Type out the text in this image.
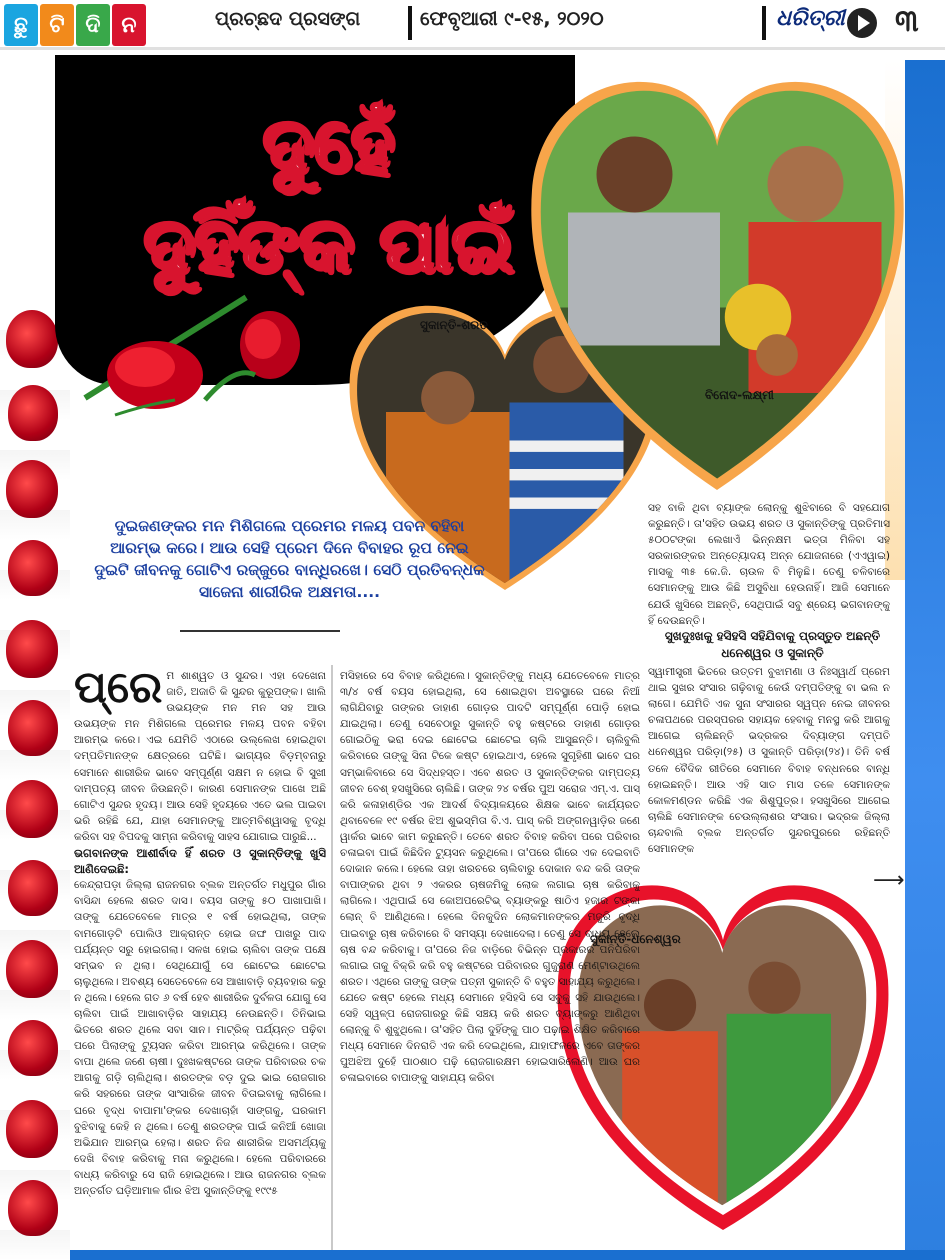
ଛୁ ଟି ଦି ନ	ପ୍ରଚ୍ଛଦ ପ୍ରସଙ୍ଗ	ଫେବୃଆରୀ ୯-୧୫, ୨୦୨୦	ଧରିତ୍ରୀ ୩
ଦୁହେଁ
ଦୁହିଁଙ୍କ ପାଇଁ
ସୁକାନ୍ତି-ଶରତ
ବିନୋଦ-ଲକ୍ଷ୍ମୀ
ସୁକାନ୍ତି-ଧନେଶ୍ୱର
ଦୁଇଜଣଙ୍କର ମନ ମିଶିଗଲେ ପ୍ରେମର ମଳୟ ପବନ ବହିବା ଆରମ୍ଭ କରେ। ଆଉ ସେହି ପ୍ରେମ ଦିନେ ବିବାହର ରୂପ ନେଇ ଦୁଇଟି ଜୀବନକୁ ଗୋଟିଏ ରଜ୍ଜୁରେ ବାନ୍ଧିରଖେ। ସେଠି ପ୍ରତିବନ୍ଧକ ସାଜେନା ଶାରୀରିକ ଅକ୍ଷମତା....
ପ୍ରେ ମ ଶାଶ୍ୱତ ଓ ସୁନ୍ଦର। ଏହା ଦେଖେନା ଜାତି, ଅଜାତି କି ସୁନ୍ଦର କୁରୂପଙ୍କ। ଖାଲି ଉଭୟଙ୍କ ମନ ମନ ସହ ଆଉ ଉଭୟଙ୍କ ମନ ମିଶିଗଲେ ପ୍ରେମର ମଳୟ ପବନ ବହିବା ଆରମ୍ଭ କରେ। ଏଇ ଯେମିତି ଏଠାରେ ଉଲ୍ଲେଖ ହୋଇଥିବା ଦମ୍ପତିମାନଙ୍କ କ୍ଷେତ୍ରରେ ଘଟିଛି। ଭାଗ୍ୟର ବିଡ଼ମ୍ବନାରୁ ସେମାନେ ଶାରୀରିକ ଭାବେ ସମ୍ପୂର୍ଣ୍ଣ ସକ୍ଷମ ନ ହୋଇ ବି ସୁଖୀ ଦାମ୍ପତ୍ୟ ଜୀବନ ଜିଉଛନ୍ତି। କାରଣ ସେମାନଙ୍କ ପାଖେ ଅଛି ଗୋଟିଏ ସୁନ୍ଦର ହୃଦୟ। ଆଉ ସେହି ହୃଦୟରେ ଏତେ ଭଲ ପାଇବା ଭରି ରହିଛି ଯେ, ଯାହା ସେମାନଙ୍କୁ ଆତ୍ମବିଶ୍ୱାସକୁ ବୃଦ୍ଧି କରିବା ସହ ବିପଦକୁ ସାମ୍ନା କରିବାକୁ ସାହସ ଯୋଗାଇ ପାରୁଛି...

ଭଗବାନଙ୍କ ଆଶୀର୍ବାଦ ହିଁ ଶରତ ଓ ସୁକାନ୍ତିଙ୍କୁ ଖୁସି ଆଣିଦେଇଛି:

କେନ୍ଦ୍ରାପଡ଼ା ଜିଲ୍ଲା ରାଜନଗର ବ୍ଲକ ଅନ୍ତର୍ଗତ ମଧୁପୁର ଗାଁର ବାସିନ୍ଦା ହେଲେ ଶରତ ଦାସ। ବୟସ ତାଙ୍କୁ ୫୦ ପାଖାପାଖି। ତାଙ୍କୁ ଯେତେବେଳେ ମାତ୍ର ୧ ବର୍ଷ ହୋଇଥିଲା, ତାଙ୍କ ବାମଗୋଡ଼ଟି ପୋଲିଓ ଆକ୍ରାନ୍ତ ହୋଇ ଜଙ୍ଘ ପାଖରୁ ପାଦ ପର୍ଯ୍ୟନ୍ତ ସରୁ ହୋଇଗଲା। ସଳଖ ହୋଇ ଚାଲିବା ତାଙ୍କ ପକ୍ଷେ ସମ୍ଭବ ନ ଥିଲା। ସେଥିଯୋଗୁଁ ସେ ଛୋଟେଇ ଛୋଟେଇ ଚାଲୁଥିଲେ। ଅବଶ୍ୟ ସେତେବେଳେ ସେ ଆଖାବାଡ଼ି ବ୍ୟବହାର କରୁ ନ ଥିଲେ। ହେଲେ ଗତ ୬ ବର୍ଷ ହେବ ଶାରୀରିକ ଦୁର୍ବଳତା ଯୋଗୁ ସେ ଚାଲିବା ପାଇଁ ଆଖାବାଡ଼ିର ସାହାଯ୍ୟ ନେଉଛନ୍ତି। ତିନିଭାଇ ଭିତରେ ଶରତ ଥିଲେ ସବା ସାନ। ମାଟ୍ରିକ୍ ପର୍ଯ୍ୟନ୍ତ ପଢ଼ିବା ପରେ ପିଲାଙ୍କୁ ଟ୍ୟୁସନ କରିବା ଆରମ୍ଭ କରିଥିଲେ। ତାଙ୍କ ବାପା ଥିଲେ ଜଣେ ଚାଷୀ। ଦୁଃଖକଷ୍ଟରେ ତାଙ୍କ ପରିବାରର ଚକ ଆଗକୁ ଗଡ଼ି ଚାଲିଥିଲା। ଶରତଙ୍କ ବଡ଼ ଦୁଇ ଭାଇ ରୋଜଗାର କରି ସହରରେ ତାଙ୍କ ସାଂସାରିକ ଜୀବନ ବିତାଇବାକୁ ଲାଗିଲେ। ଘରେ ବୃଦ୍ଧ ବାପାମା'ଙ୍କର ଦେଖାଚାହାଁ ସାଙ୍ଗକୁ, ଘରକାମ ବୁଝିବାକୁ କେହି ନ ଥିଲେ। ତେଣୁ ଶରତଙ୍କ ପାଇଁ କନିଆଁ ଖୋଜା ଅଭିଯାନ ଆରମ୍ଭ ହେଲା। ଶରତ ନିଜ ଶାରୀରିକ ଅସମର୍ଥ୍ୟକୁ ଦେଖି ବିବାହ କରିବାକୁ ମନା କରୁଥିଲେ। ହେଲେ ପରିବାରରେ ବାଧ୍ୟ କରିବାରୁ ସେ ରାଜି ହୋଇଥିଲେ। ଆଉ ରାଜନଗର ବ୍ଲକ ଅନ୍ତର୍ଗତ ଘଡ଼ିଆମାଳ ଗାଁର ଝିଅ ସୁକାନ୍ତିଙ୍କୁ ୧୯୯୫
ମସିହାରେ ସେ ବିବାହ କରିଥିଲେ। ସୁକାନ୍ତିଙ୍କୁ ମଧ୍ୟ ଯେତେବେଳେ ମାତ୍ର ୩/୪ ବର୍ଷ ବୟସ ହୋଇଥିଲା, ସେ ଶୋଇଥିବା ଅବସ୍ଥାରେ ଘରେ ନିଆଁ ଲାଗିଯିବାରୁ ତାଙ୍କର ଡାହାଣ ଗୋଡ଼ର ପାଦଟି ସମ୍ପୂର୍ଣ୍ଣ ପୋଡ଼ି ହୋଇ ଯାଇଥିଲା। ତେଣୁ ସେବେଠାରୁ ସୁକାନ୍ତି ବହୁ କଷ୍ଟରେ ଡାହାଣ ଗୋଡ଼ର ଗୋଇଠିକୁ ଭରା ଦେଇ ଛୋଟେଇ ଛୋଟେଇ ଚାଲି ଆସୁଛନ୍ତି। ଚାଲିବୁଲି କରିବାରେ ତାଙ୍କୁ ସିନା ଟିକେ କଷ୍ଟ ହୋଇଥାଏ, ହେଲେ ସୁଗୃହିଣୀ ଭାବେ ଘର ସମ୍ଭାଳିବାରେ ସେ ସିଦ୍ଧହସ୍ତ। ଏବେ ଶରତ ଓ ସୁକାନ୍ତିଙ୍କର ଦାମ୍ପତ୍ୟ ଜୀବନ ବେଶ୍ ହସଖୁସିରେ ଚାଲିଛି। ତାଙ୍କ ୨୪ ବର୍ଷର ପୁଅ ସରୋଜ ଏମ୍.ଏ. ପାସ୍ କରି କଳାହାଣ୍ଡିର ଏକ ଆଦର୍ଶ ବିଦ୍ୟାଳୟରେ ଶିକ୍ଷକ ଭାବେ କାର୍ଯ୍ୟରତ ଥିବାବେଳେ ୧୯ ବର୍ଷର ଝିଅ ଶୁଭସ୍ମିତା ବି.ଏ. ପାସ୍ କରି ଅଙ୍ଗନୱାଡ଼ିର ଜଣେ ୱାର୍କର ଭାବେ କାମ କରୁଛନ୍ତି। ତେବେ ଶରତ ବିବାହ କରିବା ପରେ ପରିବାର ଚଳାଇବା ପାଇଁ କିଛିଦିନ ଟ୍ୟୁସନ କରୁଥିଲେ। ତା'ପରେ ଗାଁରେ ଏକ ଦେଇବାତି ଦୋକାନ କଲେ। ହେଲେ ତାହା ଖରଚରେ ଚାଲିବାରୁ ଦୋକାନ ବନ୍ଦ କରି ତାଙ୍କ ବାପାଙ୍କର ଥିବା ୨ ଏକରର ଚାଷଜମିକୁ ଲୋକ ଲଗାଇ ଚାଷ କରିବାକୁ ଲାଗିଲେ। ଏଥିପାଇଁ ସେ କୋଅପରେଟିଭ୍ ବ୍ୟାଙ୍କରୁ ଷାଠିଏ ହଜାର ଟଙ୍କା ଲୋନ୍ ବି ଆଣିଥିଲେ। ହେଲେ ଦିନକୁଦିନ ଲୋକମାନଙ୍କର ମଜୁରି ବୃଦ୍ଧି ପାଇବାରୁ ଚାଷ କରିବାରେ ବି ସମସ୍ୟା ଦେଖାଦେଲା। ତେଣୁ ସେ ବାଧ୍ୟ ହେଲେ ଚାଷ ବନ୍ଦ କରିବାକୁ। ତା'ପରେ ନିଜ ବାଡ଼ିରେ ବିଭିନ୍ନ ପ୍ରକାରର ପନିପରିବା ଲଗାଇ ତାକୁ ବିକ୍ରି କରି ବହୁ କଷ୍ଟରେ ପରିବାରର ଗୁଜୁରାଣ ମେଣ୍ଟାଉଥିଲେ ଶରତ। ଏଥିରେ ତାଙ୍କୁ ତାଙ୍କ ପତ୍ନୀ ସୁକାନ୍ତି ବି ବହୁତ ସାହାଯ୍ୟ କରୁଥିଲେ। ଯେତେ କଷ୍ଟ ହେଲେ ମଧ୍ୟ ସେମାନେ ହସିହସି ସେ ସବୁକୁ ସହି ଯାଉଥିଲେ। ସେହି ସ୍ୱଳ୍ପ ରୋଜଗାରରୁ କିଛି ସଞ୍ଚୟ କରି ଶରତ ବ୍ୟାଙ୍କରୁ ଆଣିଥିବା ଲୋନ୍‌କୁ ବି ଶୁଝୁଥିଲେ। ତା'ସହିତ ପିଲା ଦୁହିଁଙ୍କୁ ପାଠ ପଢ଼ାଇ ଶିକ୍ଷିତ କରିବାରେ ମଧ୍ୟ ସେମାନେ ଦିନରାତି ଏକ କରି ଦେଇଥିଲେ, ଯାହାଫଳରେ ଏବେ ତାଙ୍କର ପୁଅଝିଅ ଦୁହେଁ ପାଠଶାଠ ପଢ଼ି ରୋଜଗାରକ୍ଷମ ହୋଇସାରିଲେଣି। ଆଉ ଘର ଚଳାଇବାରେ ବାପାଙ୍କୁ ସାହାଯ୍ୟ କରିବା
ସହ ବାକି ଥିବା ବ୍ୟାଙ୍କ ଲୋନ୍‌କୁ ଶୁଝିବାରେ ବି ସହଯୋଗ କରୁଛନ୍ତି। ତା'ସହିତ ଉଭୟ ଶରତ ଓ ସୁକାନ୍ତିଙ୍କୁ ପ୍ରତିମାସ ୫୦୦ଟଙ୍କା ଲେଖାଏଁ ଭିନ୍ନକ୍ଷମ ଭତ୍ତା ମିଳିବା ସହ ସରକାରଙ୍କର ଅନ୍ତ୍ୟୋଦୟ ଅନ୍ନ ଯୋଜନାରେ (ଏଏୱାଇ) ମାସକୁ ୩୫ କେ.ଜି. ଚାଉଳ ବି ମିଳୁଛି। ତେଣୁ ଚଳିବାରେ ସେମାନଙ୍କୁ ଆଉ କିଛି ଅସୁବିଧା ହେଉନାହିଁ। ଆଜି ସେମାନେ ଯେଉଁ ଖୁସିରେ ଅଛନ୍ତି, ସେଥିପାଇଁ ସବୁ ଶ୍ରେୟ ଭଗବାନଙ୍କୁ ହିଁ ଦେଉଛନ୍ତି।
ସୁଖଦୁଃଖକୁ ହସିହସି ସହିଯିବାକୁ ପ୍ରସ୍ତୁତ ଅଛନ୍ତି ଧନେଶ୍ୱର ଓ ସୁକାନ୍ତି
ସ୍ୱାମୀସ୍ତ୍ରୀ ଭିତରେ ଉତ୍ତମ ବୁଝାମଣା ଓ ନିଃସ୍ୱାର୍ଥ ପ୍ରେମ ଥାଇ ସୁଖର ସଂସାର ଗଢ଼ିବାକୁ କେଉଁ ଦମ୍ପତିଙ୍କୁ ବା ଭଲ ନ ଲାଗେ। ଯେମିତି ଏକ ସୁନା ସଂସାରର ସ୍ୱପ୍ନ ନେଇ ଜୀବନର ଚଳାପଥରେ ପରସ୍ପରର ସହାୟକ ହେବାକୁ ମନସ୍ଥ କରି ଆଗକୁ ଆଗେଇ ଚାଲିଛନ୍ତି ଭଦ୍ରକର ଦିବ୍ୟାଙ୍ଗ ଦମ୍ପତି ଧନେଶ୍ୱର ପରିଡ଼ା(୨୫) ଓ ସୁକାନ୍ତି ପରିଡ଼ା(୨୪)। ତିନି ବର୍ଷ ତଳେ ବୈଦିକ ରୀତିରେ ସେମାନେ ବିବାହ ବନ୍ଧନରେ ବାନ୍ଧି ହୋଇଛନ୍ତି। ଆଉ ଏହି ସାତ ମାସ ତଳେ ସେମାନଙ୍କ କୋଳମଣ୍ଡନ କରିଛି ଏକ ଶିଶୁପୁତ୍ର। ହସଖୁସିରେ ଆଗେଇ ଚାଲିଛି ସେମାନଙ୍କ ଚେଉଲ୍ଲାଶର ସଂସାର। ଭଦ୍ରକ ଜିଲ୍ଲା ଚାନ୍ଦବାଲି ବ୍ଲକ ଅନ୍ତର୍ଗତ ସୁନ୍ଦରପୁରରେ ରହିଛନ୍ତି ସେମାନଙ୍କ
⟶
